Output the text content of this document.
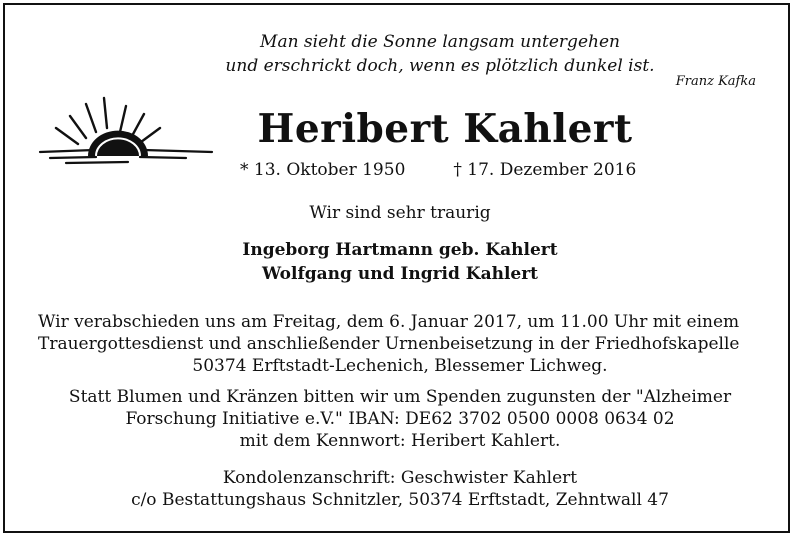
Man sieht die Sonne langsam untergehen
und erschrickt doch, wenn es plötzlich dunkel ist.
Franz Kafka
Heribert Kahlert
* 13. Oktober 1950	† 17. Dezember 2016
Wir sind sehr traurig
Ingeborg Hartmann geb. Kahlert
Wolfgang und Ingrid Kahlert
Wir verabschieden uns am Freitag, dem 6. Januar 2017, um 11.00 Uhr mit einem
Trauergottesdienst und anschließender Urnenbeisetzung in der Friedhofskapelle
50374 Erftstadt-Lechenich, Blessemer Lichweg.
Statt Blumen und Kränzen bitten wir um Spenden zugunsten der "Alzheimer
Forschung Initiative e.V." IBAN: DE62 3702 0500 0008 0634 02
mit dem Kennwort: Heribert Kahlert.
Kondolenzanschrift: Geschwister Kahlert
c/o Bestattungshaus Schnitzler, 50374 Erftstadt, Zehntwall 47
